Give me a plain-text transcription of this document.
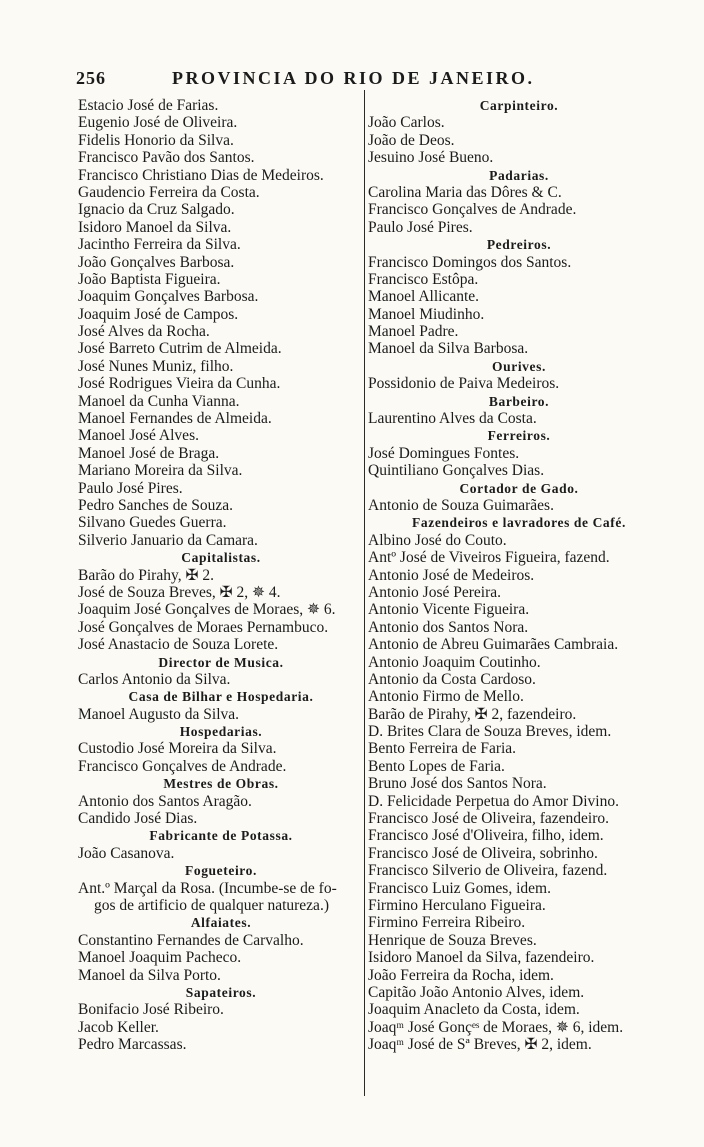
256	PROVINCIA DO RIO DE JANEIRO.
Estacio José de Farias.
Eugenio José de Oliveira.
Fidelis Honorio da Silva.
Francisco Pavão dos Santos.
Francisco Christiano Dias de Medeiros.
Gaudencio Ferreira da Costa.
Ignacio da Cruz Salgado.
Isidoro Manoel da Silva.
Jacintho Ferreira da Silva.
João Gonçalves Barbosa.
João Baptista Figueira.
Joaquim Gonçalves Barbosa.
Joaquim José de Campos.
José Alves da Rocha.
José Barreto Cutrim de Almeida.
José Nunes Muniz, filho.
José Rodrigues Vieira da Cunha.
Manoel da Cunha Vianna.
Manoel Fernandes de Almeida.
Manoel José Alves.
Manoel José de Braga.
Mariano Moreira da Silva.
Paulo José Pires.
Pedro Sanches de Souza.
Silvano Guedes Guerra.
Silverio Januario da Camara.
Capitalistas.
Barão do Pirahy, ✠ 2.
José de Souza Breves, ✠ 2, ✵ 4.
Joaquim José Gonçalves de Moraes, ✵ 6.
José Gonçalves de Moraes Pernambuco.
José Anastacio de Souza Lorete.
Director de Musica.
Carlos Antonio da Silva.
Casa de Bilhar e Hospedaria.
Manoel Augusto da Silva.
Hospedarias.
Custodio José Moreira da Silva.
Francisco Gonçalves de Andrade.
Mestres de Obras.
Antonio dos Santos Aragão.
Candido José Dias.
Fabricante de Potassa.
João Casanova.
Fogueteiro.
Ant.º Marçal da Rosa. (Incumbe-se de fo-
gos de artificio de qualquer natureza.)
Alfaiates.
Constantino Fernandes de Carvalho.
Manoel Joaquim Pacheco.
Manoel da Silva Porto.
Sapateiros.
Bonifacio José Ribeiro.
Jacob Keller.
Pedro Marcassas.
Carpinteiro.
João Carlos.
João de Deos.
Jesuino José Bueno.
Padarias.
Carolina Maria das Dôres & C.
Francisco Gonçalves de Andrade.
Paulo José Pires.
Pedreiros.
Francisco Domingos dos Santos.
Francisco Estôpa.
Manoel Allicante.
Manoel Miudinho.
Manoel Padre.
Manoel da Silva Barbosa.
Ourives.
Possidonio de Paiva Medeiros.
Barbeiro.
Laurentino Alves da Costa.
Ferreiros.
José Domingues Fontes.
Quintiliano Gonçalves Dias.
Cortador de Gado.
Antonio de Souza Guimarães.
Fazendeiros e lavradores de Café.
Albino José do Couto.
Antº José de Viveiros Figueira, fazend.
Antonio José de Medeiros.
Antonio José Pereira.
Antonio Vicente Figueira.
Antonio dos Santos Nora.
Antonio de Abreu Guimarães Cambraia.
Antonio Joaquim Coutinho.
Antonio da Costa Cardoso.
Antonio Firmo de Mello.
Barão de Pirahy, ✠ 2, fazendeiro.
D. Brites Clara de Souza Breves, idem.
Bento Ferreira de Faria.
Bento Lopes de Faria.
Bruno José dos Santos Nora.
D. Felicidade Perpetua do Amor Divino.
Francisco José de Oliveira, fazendeiro.
Francisco José d'Oliveira, filho, idem.
Francisco José de Oliveira, sobrinho.
Francisco Silverio de Oliveira, fazend.
Francisco Luiz Gomes, idem.
Firmino Herculano Figueira.
Firmino Ferreira Ribeiro.
Henrique de Souza Breves.
Isidoro Manoel da Silva, fazendeiro.
João Ferreira da Rocha, idem.
Capitão João Antonio Alves, idem.
Joaquim Anacleto da Costa, idem.
Joaqᵐ José Gonçᵉˢ de Moraes, ✵ 6, idem.
Joaqᵐ José de Sª Breves, ✠ 2, idem.
